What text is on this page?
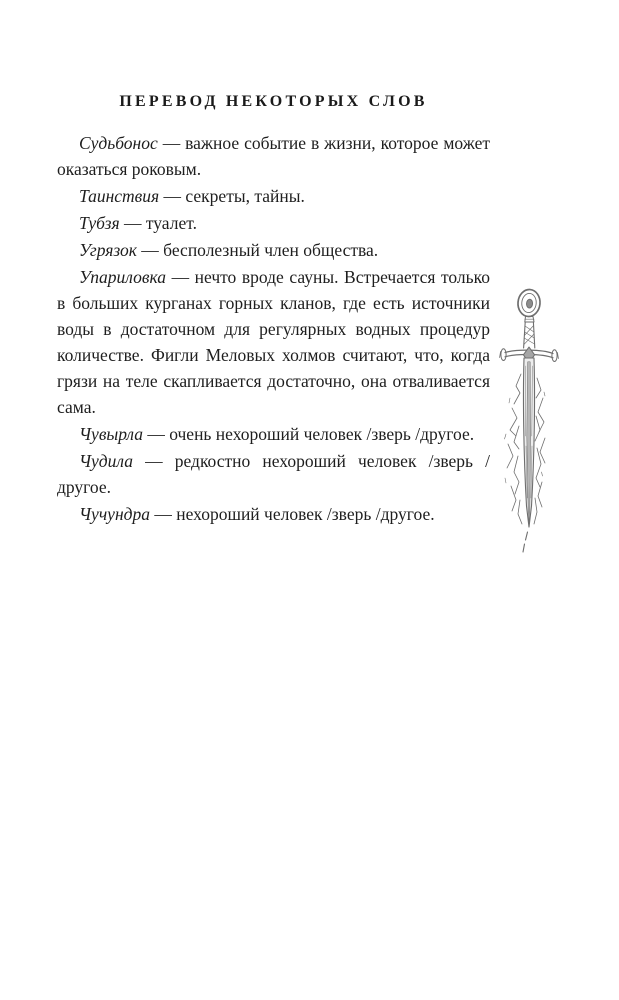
ПЕРЕВОД НЕКОТОРЫХ СЛОВ

Судьбонос — важное событие в жизни, которое может оказаться роковым.

Таинствия — секреты, тайны.

Тубзя — туалет.

Угрязок — бесполезный член общества.

Упариловка — нечто вроде сауны. Встречается только в больших курганах горных кланов, где есть источники воды в достаточном для регулярных водных процедур количестве. Фигли Меловых холмов считают, что, когда грязи на теле скапливается достаточно, она отваливается сама.

Чувырла — очень нехороший человек /зверь /другое.

Чудила — редкостно нехороший человек /зверь /другое.

Чучундра — нехороший человек /зверь /другое.
